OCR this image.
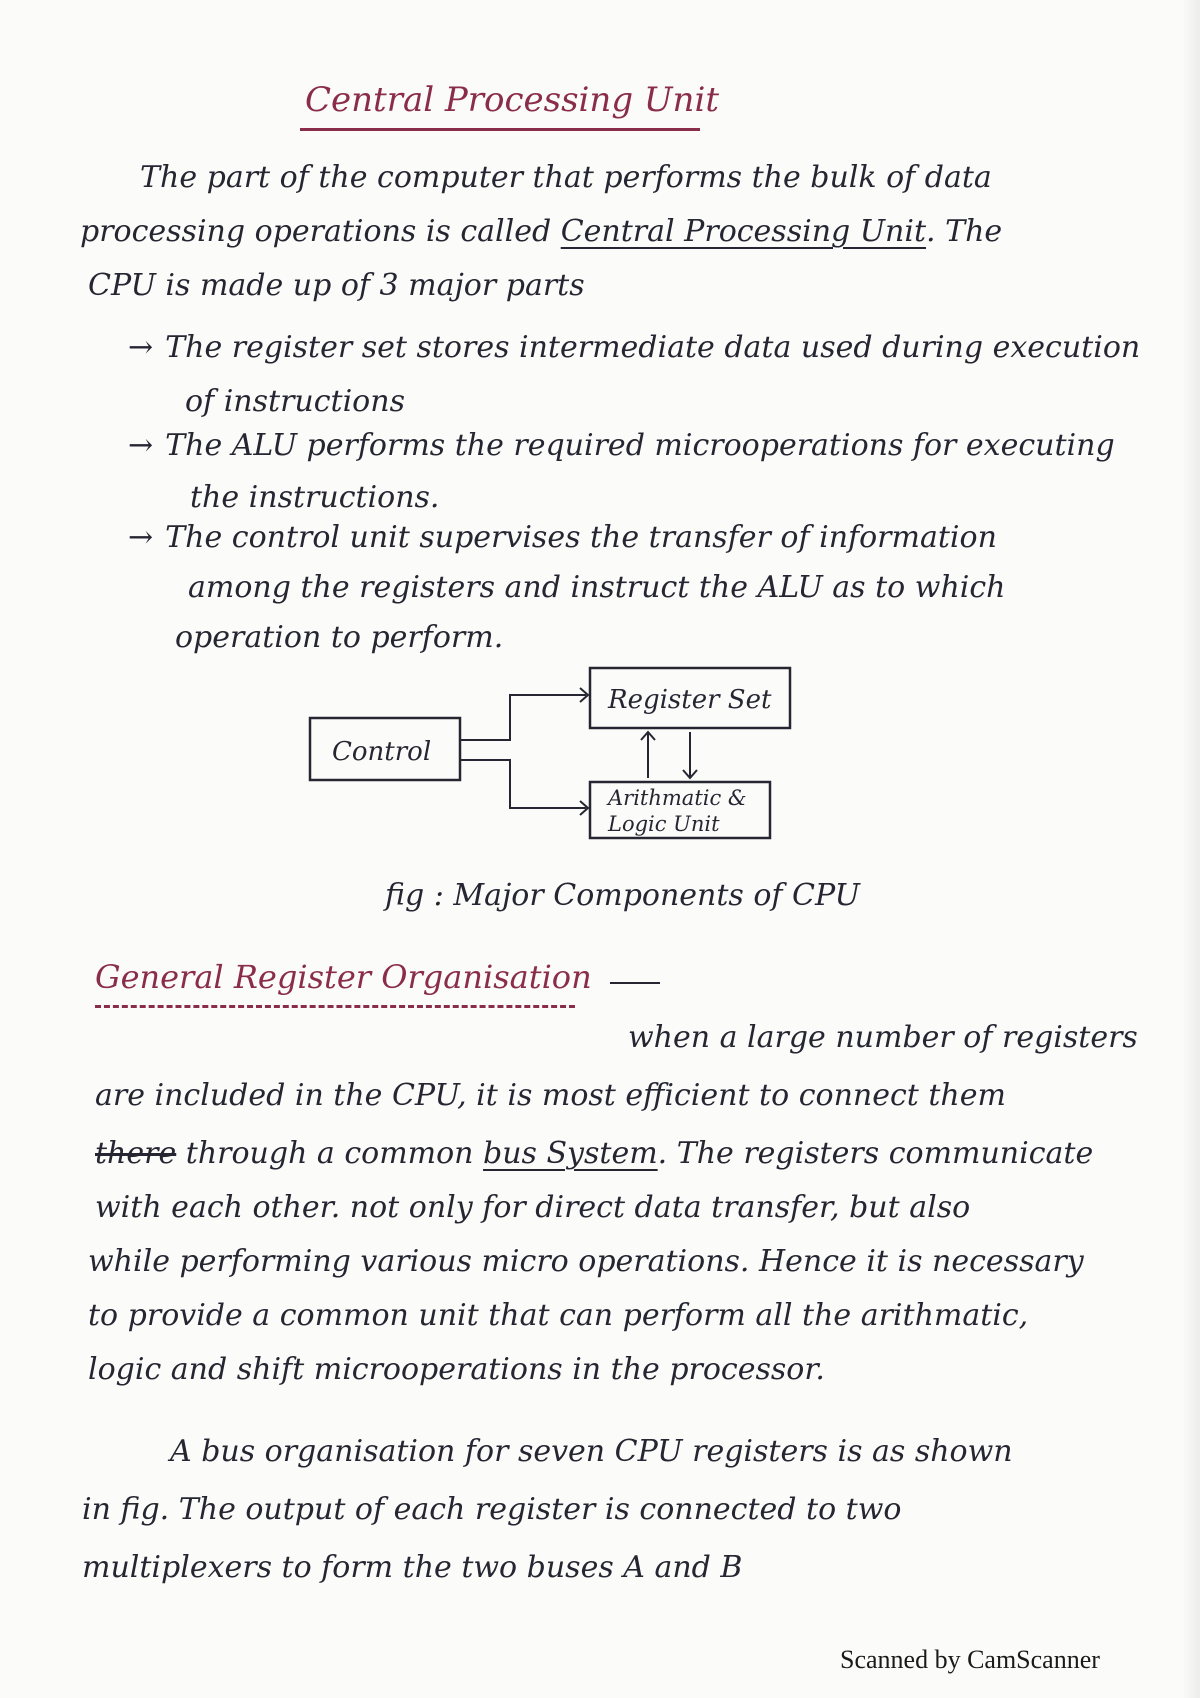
Central Processing Unit
The part of the computer that performs the bulk of data
processing operations is called Central Processing Unit. The
CPU is made up of 3 major parts
→ The register set stores intermediate data used during execution
of instructions
→ The ALU performs the required microoperations for executing
the instructions.
→ The control unit supervises the transfer of information
among the registers and instruct the ALU as to which
operation to perform.
Control
Register Set
Arithmatic &
Logic Unit
fig : Major Components of CPU
General Register Organisation
when a large number of registers
are included in the CPU, it is most efficient to connect them
there through a common bus System. The registers communicate
with each other. not only for direct data transfer, but also
while performing various micro operations. Hence it is necessary
to provide a common unit that can perform all the arithmatic,
logic and shift microoperations in the processor.
A bus organisation for seven CPU registers is as shown
in fig. The output of each register is connected to two
multiplexers to form the two buses A and B
Scanned by CamScanner
